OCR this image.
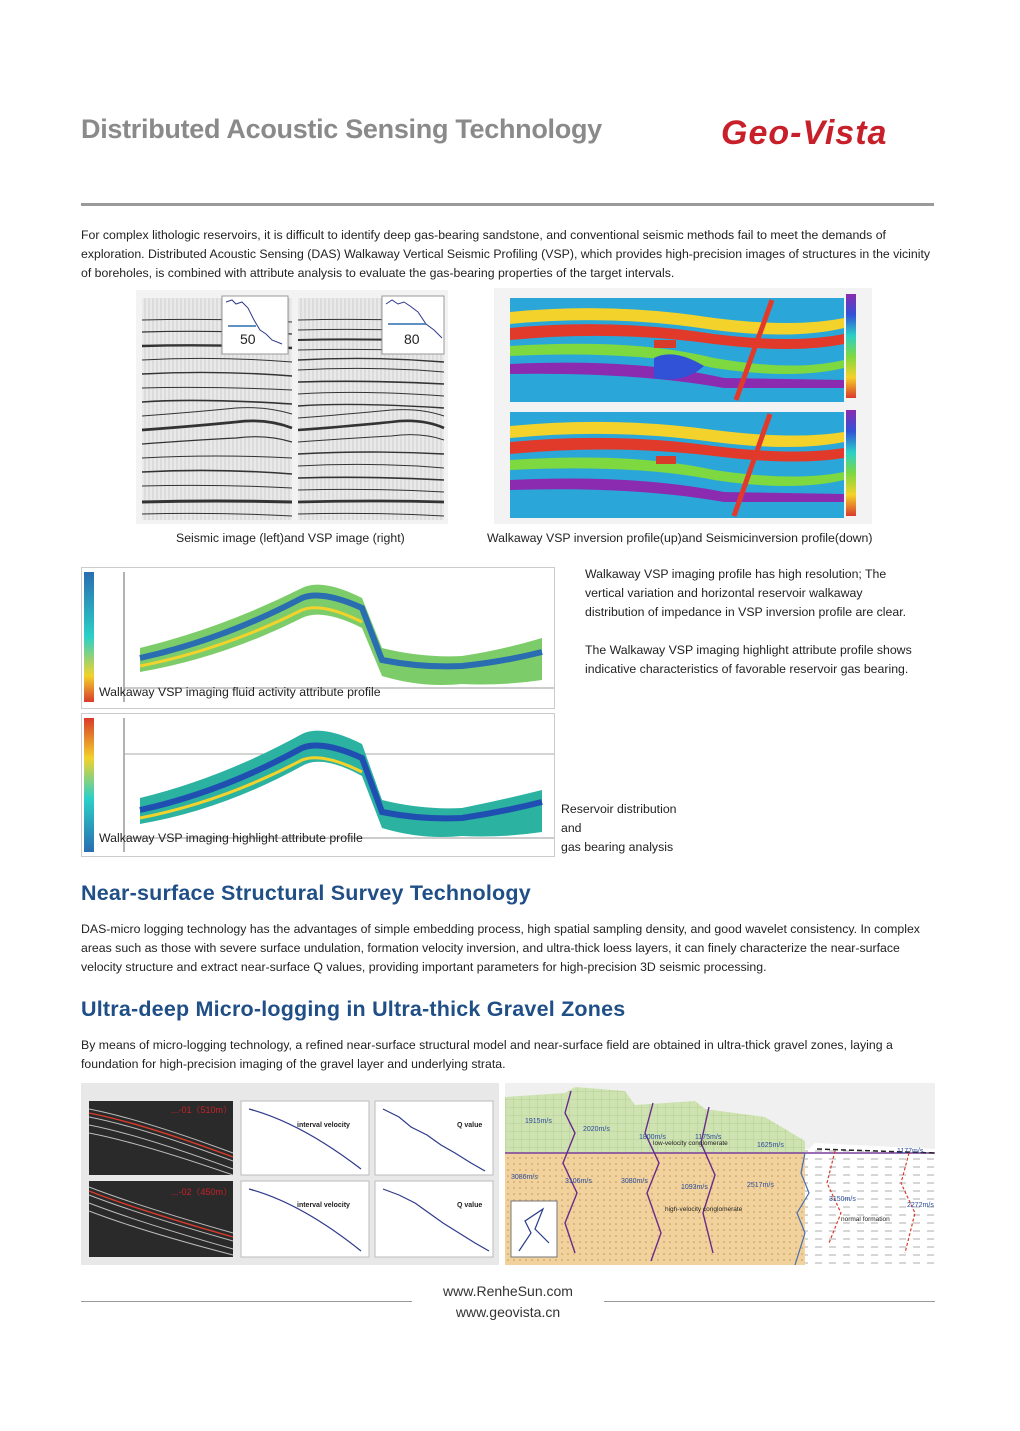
Distributed Acoustic Sensing Technology	Geo-Vista
For complex lithologic reservoirs, it is difficult to identify deep gas-bearing sandstone, and conventional seismic methods fail to meet the demands of exploration. Distributed Acoustic Sensing (DAS) Walkaway Vertical Seismic Profiling (VSP), which provides high-precision images of structures in the vicinity of boreholes, is combined with attribute analysis to evaluate the gas-bearing properties of the target intervals.
50	80
Seismic image (left)and VSP image (right)	Walkaway VSP inversion profile(up)and Seismicinversion profile(down)
Walkaway VSP imaging fluid activity attribute profile
Walkaway VSP imaging highlight attribute profile
Walkaway VSP imaging profile has high resolution; The vertical variation and horizontal reservoir walkaway distribution of impedance in VSP inversion profile are clear.
The Walkaway VSP imaging highlight attribute profile shows indicative characteristics of favorable reservoir gas bearing.
Reservoir distribution
and
gas bearing analysis
Near-surface Structural Survey Technology
DAS-micro logging technology has the advantages of simple embedding process, high spatial sampling density, and good wavelet consistency. In complex areas such as those with severe surface undulation, formation velocity inversion, and ultra-thick loess layers, it can finely characterize the near-surface velocity structure and extract near-surface Q values, providing important parameters for high-precision 3D seismic processing.
Ultra-deep Micro-logging in Ultra-thick Gravel Zones
By means of micro-logging technology, a refined near-surface structural model and near-surface field are obtained in ultra-thick gravel zones, laying a foundation for high-precision imaging of the gravel layer and underlying strata.
...-01（510m）
...-02（450m）
interval velocity
interval velocity
Q value
Q value
1915m/s
2020m/s
1800m/s	1175m/s
1625m/s
1177m/s
3086m/s
3106m/s	3080m/s
1093m/s	2517m/s
3150m/s
2272m/s
low-velocity conglomerate
high-velocity conglomerate
normal formation
www.RenheSun.com
www.geovista.cn
